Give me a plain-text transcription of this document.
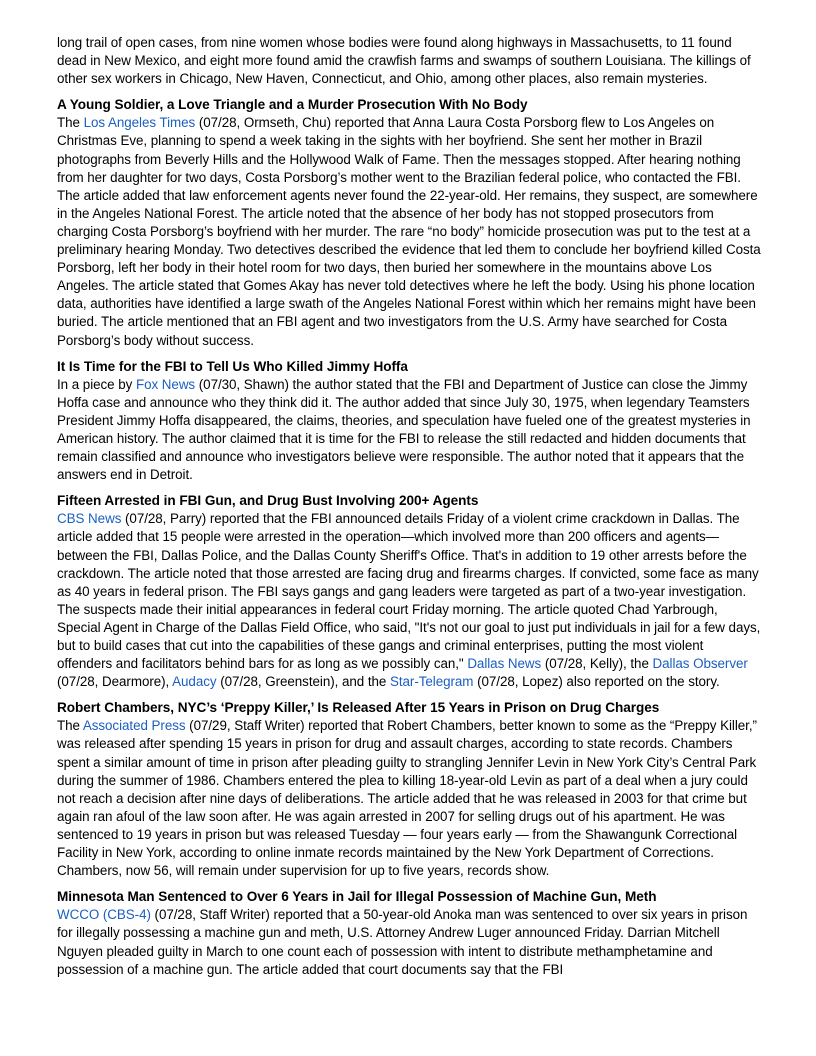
long trail of open cases, from nine women whose bodies were found along highways in Massachusetts, to 11 found dead in New Mexico, and eight more found amid the crawfish farms and swamps of southern Louisiana. The killings of other sex workers in Chicago, New Haven, Connecticut, and Ohio, among other places, also remain mysteries.

A Young Soldier, a Love Triangle and a Murder Prosecution With No Body

The Los Angeles Times (07/28, Ormseth, Chu) reported that Anna Laura Costa Porsborg flew to Los Angeles on Christmas Eve, planning to spend a week taking in the sights with her boyfriend. She sent her mother in Brazil photographs from Beverly Hills and the Hollywood Walk of Fame. Then the messages stopped. After hearing nothing from her daughter for two days, Costa Porsborg’s mother went to the Brazilian federal police, who contacted the FBI. The article added that law enforcement agents never found the 22-year-old. Her remains, they suspect, are somewhere in the Angeles National Forest. The article noted that the absence of her body has not stopped prosecutors from charging Costa Porsborg’s boyfriend with her murder. The rare “no body” homicide prosecution was put to the test at a preliminary hearing Monday. Two detectives described the evidence that led them to conclude her boyfriend killed Costa Porsborg, left her body in their hotel room for two days, then buried her somewhere in the mountains above Los Angeles. The article stated that Gomes Akay has never told detectives where he left the body. Using his phone location data, authorities have identified a large swath of the Angeles National Forest within which her remains might have been buried. The article mentioned that an FBI agent and two investigators from the U.S. Army have searched for Costa Porsborg’s body without success.

It Is Time for the FBI to Tell Us Who Killed Jimmy Hoffa

In a piece by Fox News (07/30, Shawn) the author stated that the FBI and Department of Justice can close the Jimmy Hoffa case and announce who they think did it. The author added that since July 30, 1975, when legendary Teamsters President Jimmy Hoffa disappeared, the claims, theories, and speculation have fueled one of the greatest mysteries in American history. The author claimed that it is time for the FBI to release the still redacted and hidden documents that remain classified and announce who investigators believe were responsible. The author noted that it appears that the answers end in Detroit.

Fifteen Arrested in FBI Gun, and Drug Bust Involving 200+ Agents

CBS News (07/28, Parry) reported that the FBI announced details Friday of a violent crime crackdown in Dallas. The article added that 15 people were arrested in the operation—which involved more than 200 officers and agents—between the FBI, Dallas Police, and the Dallas County Sheriff's Office. That's in addition to 19 other arrests before the crackdown. The article noted that those arrested are facing drug and firearms charges. If convicted, some face as many as 40 years in federal prison. The FBI says gangs and gang leaders were targeted as part of a two-year investigation. The suspects made their initial appearances in federal court Friday morning. The article quoted Chad Yarbrough, Special Agent in Charge of the Dallas Field Office, who said, "It's not our goal to just put individuals in jail for a few days, but to build cases that cut into the capabilities of these gangs and criminal enterprises, putting the most violent offenders and facilitators behind bars for as long as we possibly can," Dallas News (07/28, Kelly), the Dallas Observer (07/28, Dearmore), Audacy (07/28, Greenstein), and the Star-Telegram (07/28, Lopez) also reported on the story.

Robert Chambers, NYC’s ‘Preppy Killer,’ Is Released After 15 Years in Prison on Drug Charges

The Associated Press (07/29, Staff Writer) reported that Robert Chambers, better known to some as the “Preppy Killer,” was released after spending 15 years in prison for drug and assault charges, according to state records. Chambers spent a similar amount of time in prison after pleading guilty to strangling Jennifer Levin in New York City’s Central Park during the summer of 1986. Chambers entered the plea to killing 18-year-old Levin as part of a deal when a jury could not reach a decision after nine days of deliberations. The article added that he was released in 2003 for that crime but again ran afoul of the law soon after. He was again arrested in 2007 for selling drugs out of his apartment. He was sentenced to 19 years in prison but was released Tuesday — four years early — from the Shawangunk Correctional Facility in New York, according to online inmate records maintained by the New York Department of Corrections. Chambers, now 56, will remain under supervision for up to five years, records show.

Minnesota Man Sentenced to Over 6 Years in Jail for Illegal Possession of Machine Gun, Meth

WCCO (CBS-4) (07/28, Staff Writer) reported that a 50-year-old Anoka man was sentenced to over six years in prison for illegally possessing a machine gun and meth, U.S. Attorney Andrew Luger announced Friday. Darrian Mitchell Nguyen pleaded guilty in March to one count each of possession with intent to distribute methamphetamine and possession of a machine gun. The article added that court documents say that the FBI
